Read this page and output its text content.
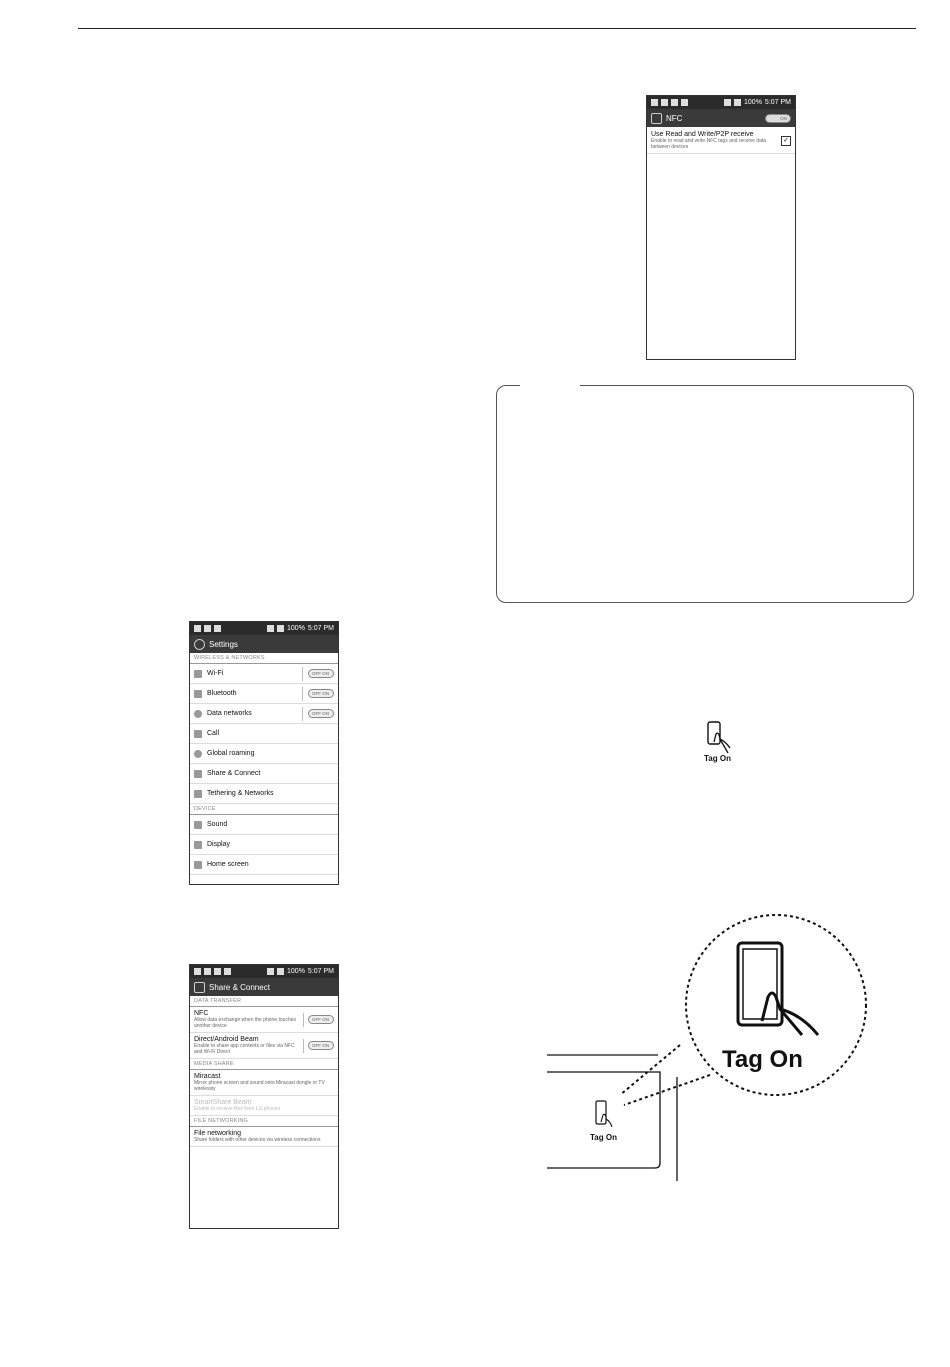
100% 5:07 PM
NFC	ON
Use Read and Write/P2P receive
Enable to read and write NFC tags and receive data between devices
✓
Tag On
Tag On
Tag On
100% 5:07 PM
Settings
WIRELESS & NETWORKS
Wi-Fi	OFF ON
Bluetooth	OFF ON
Data networks	OFF ON
Call
Global roaming
Share & Connect
Tethering & Networks
DEVICE
Sound
Display
Home screen
100% 5:07 PM
Share & Connect
DATA TRANSFER
NFC
Allow data exchange when the phone touches another device
OFF ON
Direct/Android Beam
Enable to share app contents or files via NFC and Wi-Fi Direct
OFF ON
MEDIA SHARE
Miracast
Mirror phone screen and sound onto Miracast dongle or TV wirelessly
SmartShare Beam
Enable to receive files from LG phones
FILE NETWORKING
File networking
Share folders with other devices via wireless connections
